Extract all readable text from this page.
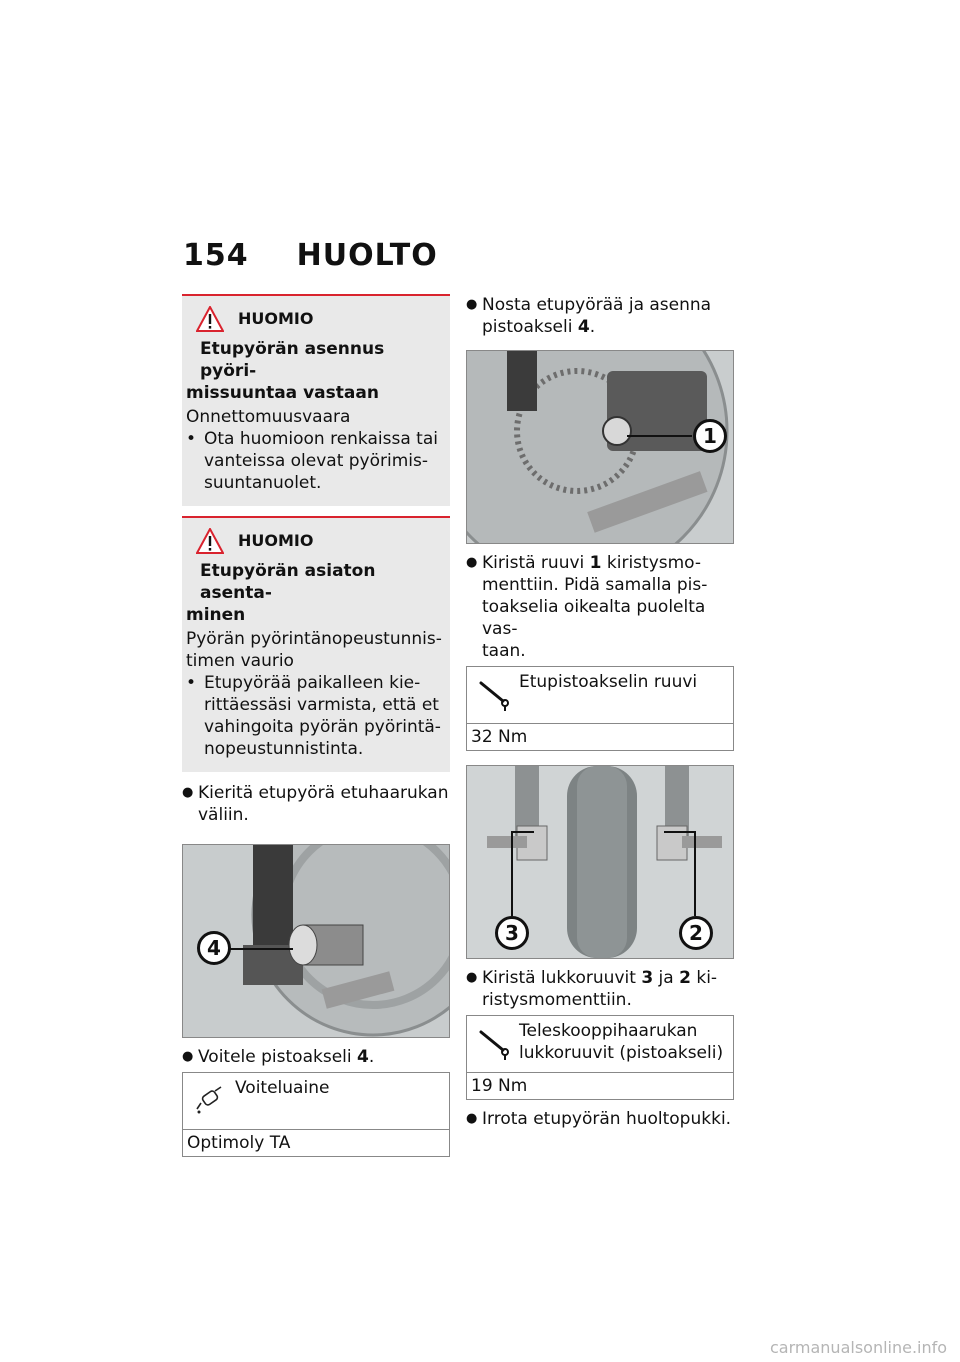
154 HUOLTO
HUOMIO
Etupyörän asennus pyöri-
missuuntaa vastaan

Onnettomuusvaara

• Ota huomioon renkaissa tai
vanteissa olevat pyörimis-
suuntanuolet.
HUOMIO
Etupyörän asiaton asenta-
minen

Pyörän pyörintänopeustunnis-

timen vaurio

• Etupyörää paikalleen kie-
rittäessäsi varmista, että et
vahingoita pyörän pyörintä-
nopeustunnistinta.
● Kieritä etupyörä etuhaarukan
väliin.
4
● Voitele pistoakseli 4.
Voiteluaine
Optimoly TA
● Nosta etupyörää ja asenna
pistoakseli 4.
1
● Kiristä ruuvi 1 kiristysmo-
menttiin. Pidä samalla pis-
toakselia oikealta puolelta vas-
taan.
Etupistoakselin ruuvi
32 Nm
3	2
● Kiristä lukkoruuvit 3 ja 2 ki-
ristysmomenttiin.
Teleskooppihaarukan
lukkoruuvit (pistoakseli)
19 Nm
● Irrota etupyörän huoltopukki.
carmanualsonline.info
